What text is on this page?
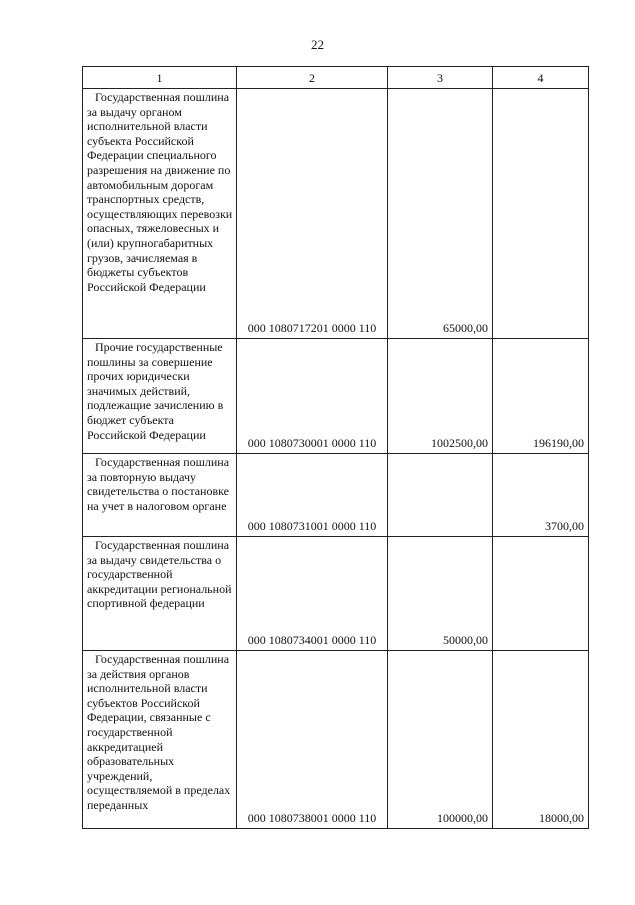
22
1	2	3	4

Государственная пошлина за выдачу органом исполнительной власти субъекта Российской Федерации специального разрешения на движение по автомобильным дорогам транспортных средств, осуществляющих перевозки опасных, тяжеловесных и (или) крупногабаритных грузов, зачисляемая в бюджеты субъектов Российской Федерации	000 1080717201 0000 110	65000,00	

Прочие государственные пошлины за совершение прочих юридически значимых действий, подлежащие зачислению в бюджет субъекта Российской Федерации	000 1080730001 0000 110	1002500,00	196190,00

Государственная пошлина за повторную выдачу свидетельства о постановке на учет в налоговом органе	000 1080731001 0000 110		3700,00

Государственная пошлина за выдачу свидетельства о государственной аккредитации региональной спортивной федерации	000 1080734001 0000 110	50000,00	

Государственная пошлина за действия органов исполнительной власти субъектов Российской Федерации, связанные с государственной аккредитацией образовательных учреждений, осуществляемой в пределах переданных	000 1080738001 0000 110	100000,00	18000,00
